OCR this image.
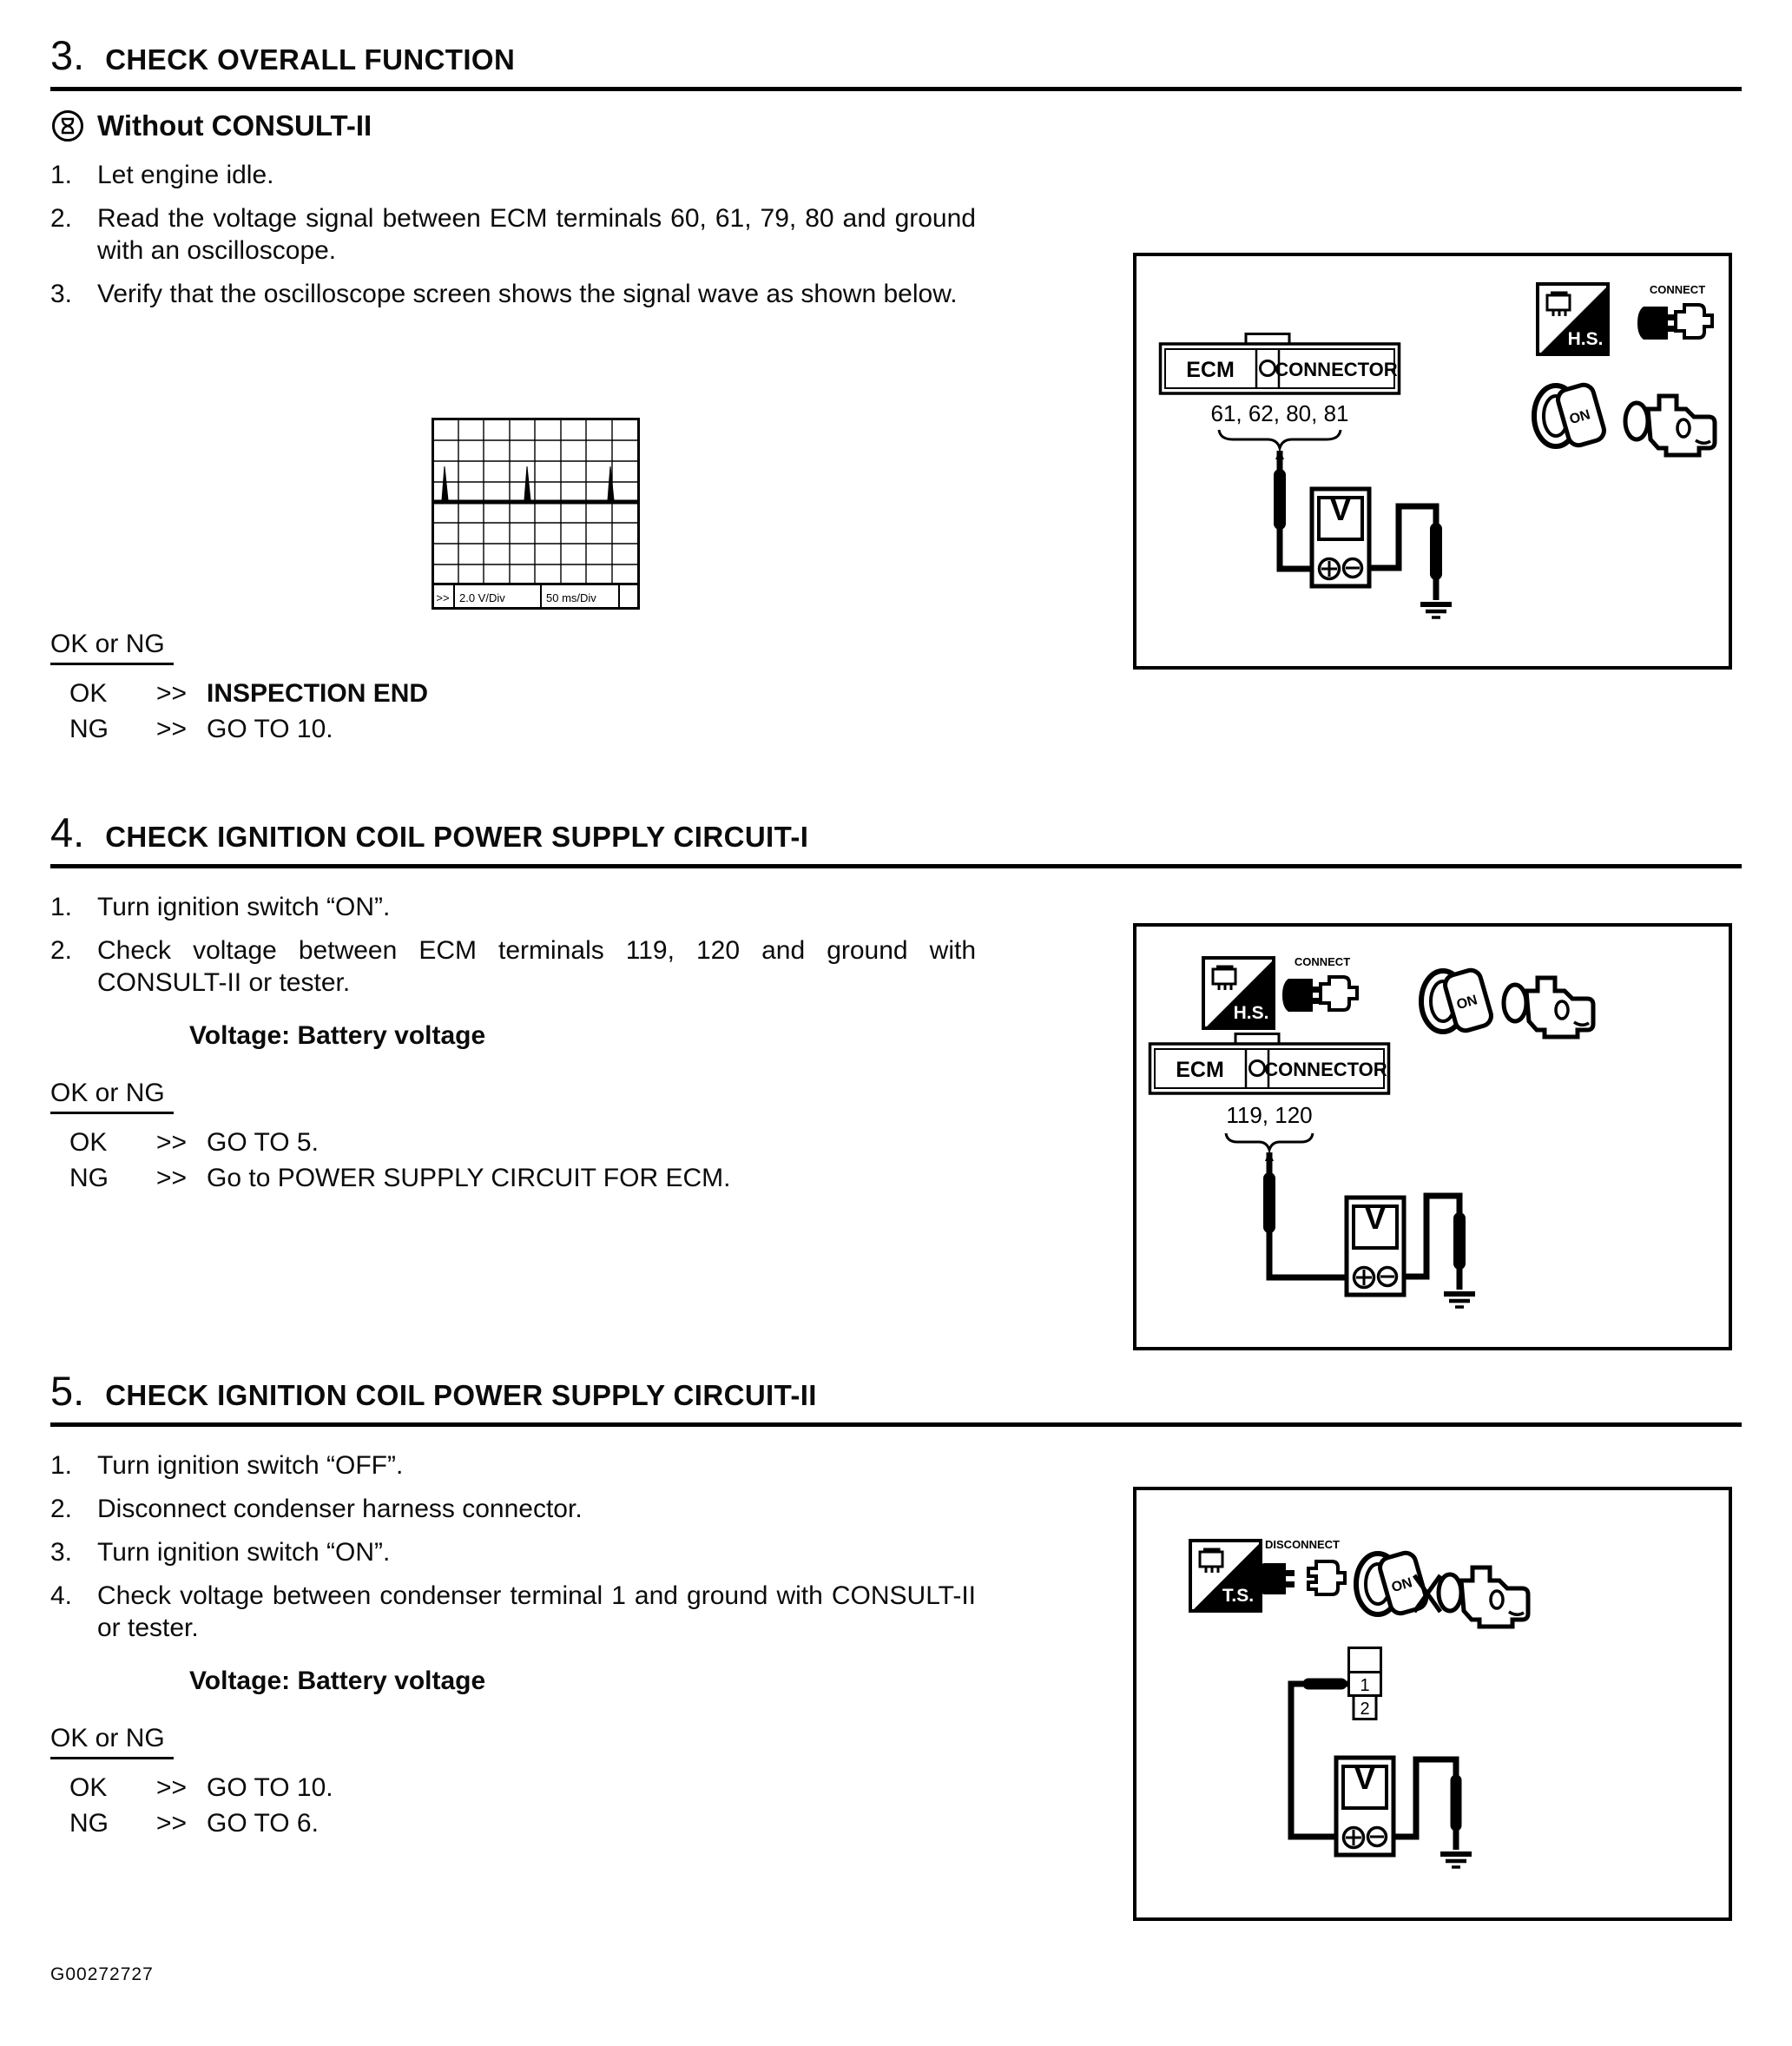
3. CHECK OVERALL FUNCTION
Without CONSULT-II
1. Let engine idle.
2. Read the voltage signal between ECM terminals 60, 61, 79, 80 and ground with an oscilloscope.
3. Verify that the oscilloscope screen shows the signal wave as shown below.
OK or NG
OK	>> INSPECTION END
NG	>> GO TO 10.
>> 2.0 V/Div	50 ms/Div
ECM CONNECTOR
61, 62, 80, 81
V
H.S.
CONNECT
ON
4. CHECK IGNITION COIL POWER SUPPLY CIRCUIT-I
1. Turn ignition switch “ON”.
2. Check voltage between ECM terminals 119, 120 and ground with CONSULT-II or tester.
Voltage: Battery voltage
OK or NG
OK	>> GO TO 5.
NG	>> Go to POWER SUPPLY CIRCUIT FOR ECM.
H.S.
CONNECT
ON
ECM CONNECTOR
119, 120
V
5. CHECK IGNITION COIL POWER SUPPLY CIRCUIT-II
1. Turn ignition switch “OFF”.
2. Disconnect condenser harness connector.
3. Turn ignition switch “ON”.
4. Check voltage between condenser terminal 1 and ground with CONSULT-II or tester.
Voltage: Battery voltage
OK or NG
OK	>> GO TO 10.
NG	>> GO TO 6.
T.S.
DISCONNECT
ON
1
2
V
G00272727
